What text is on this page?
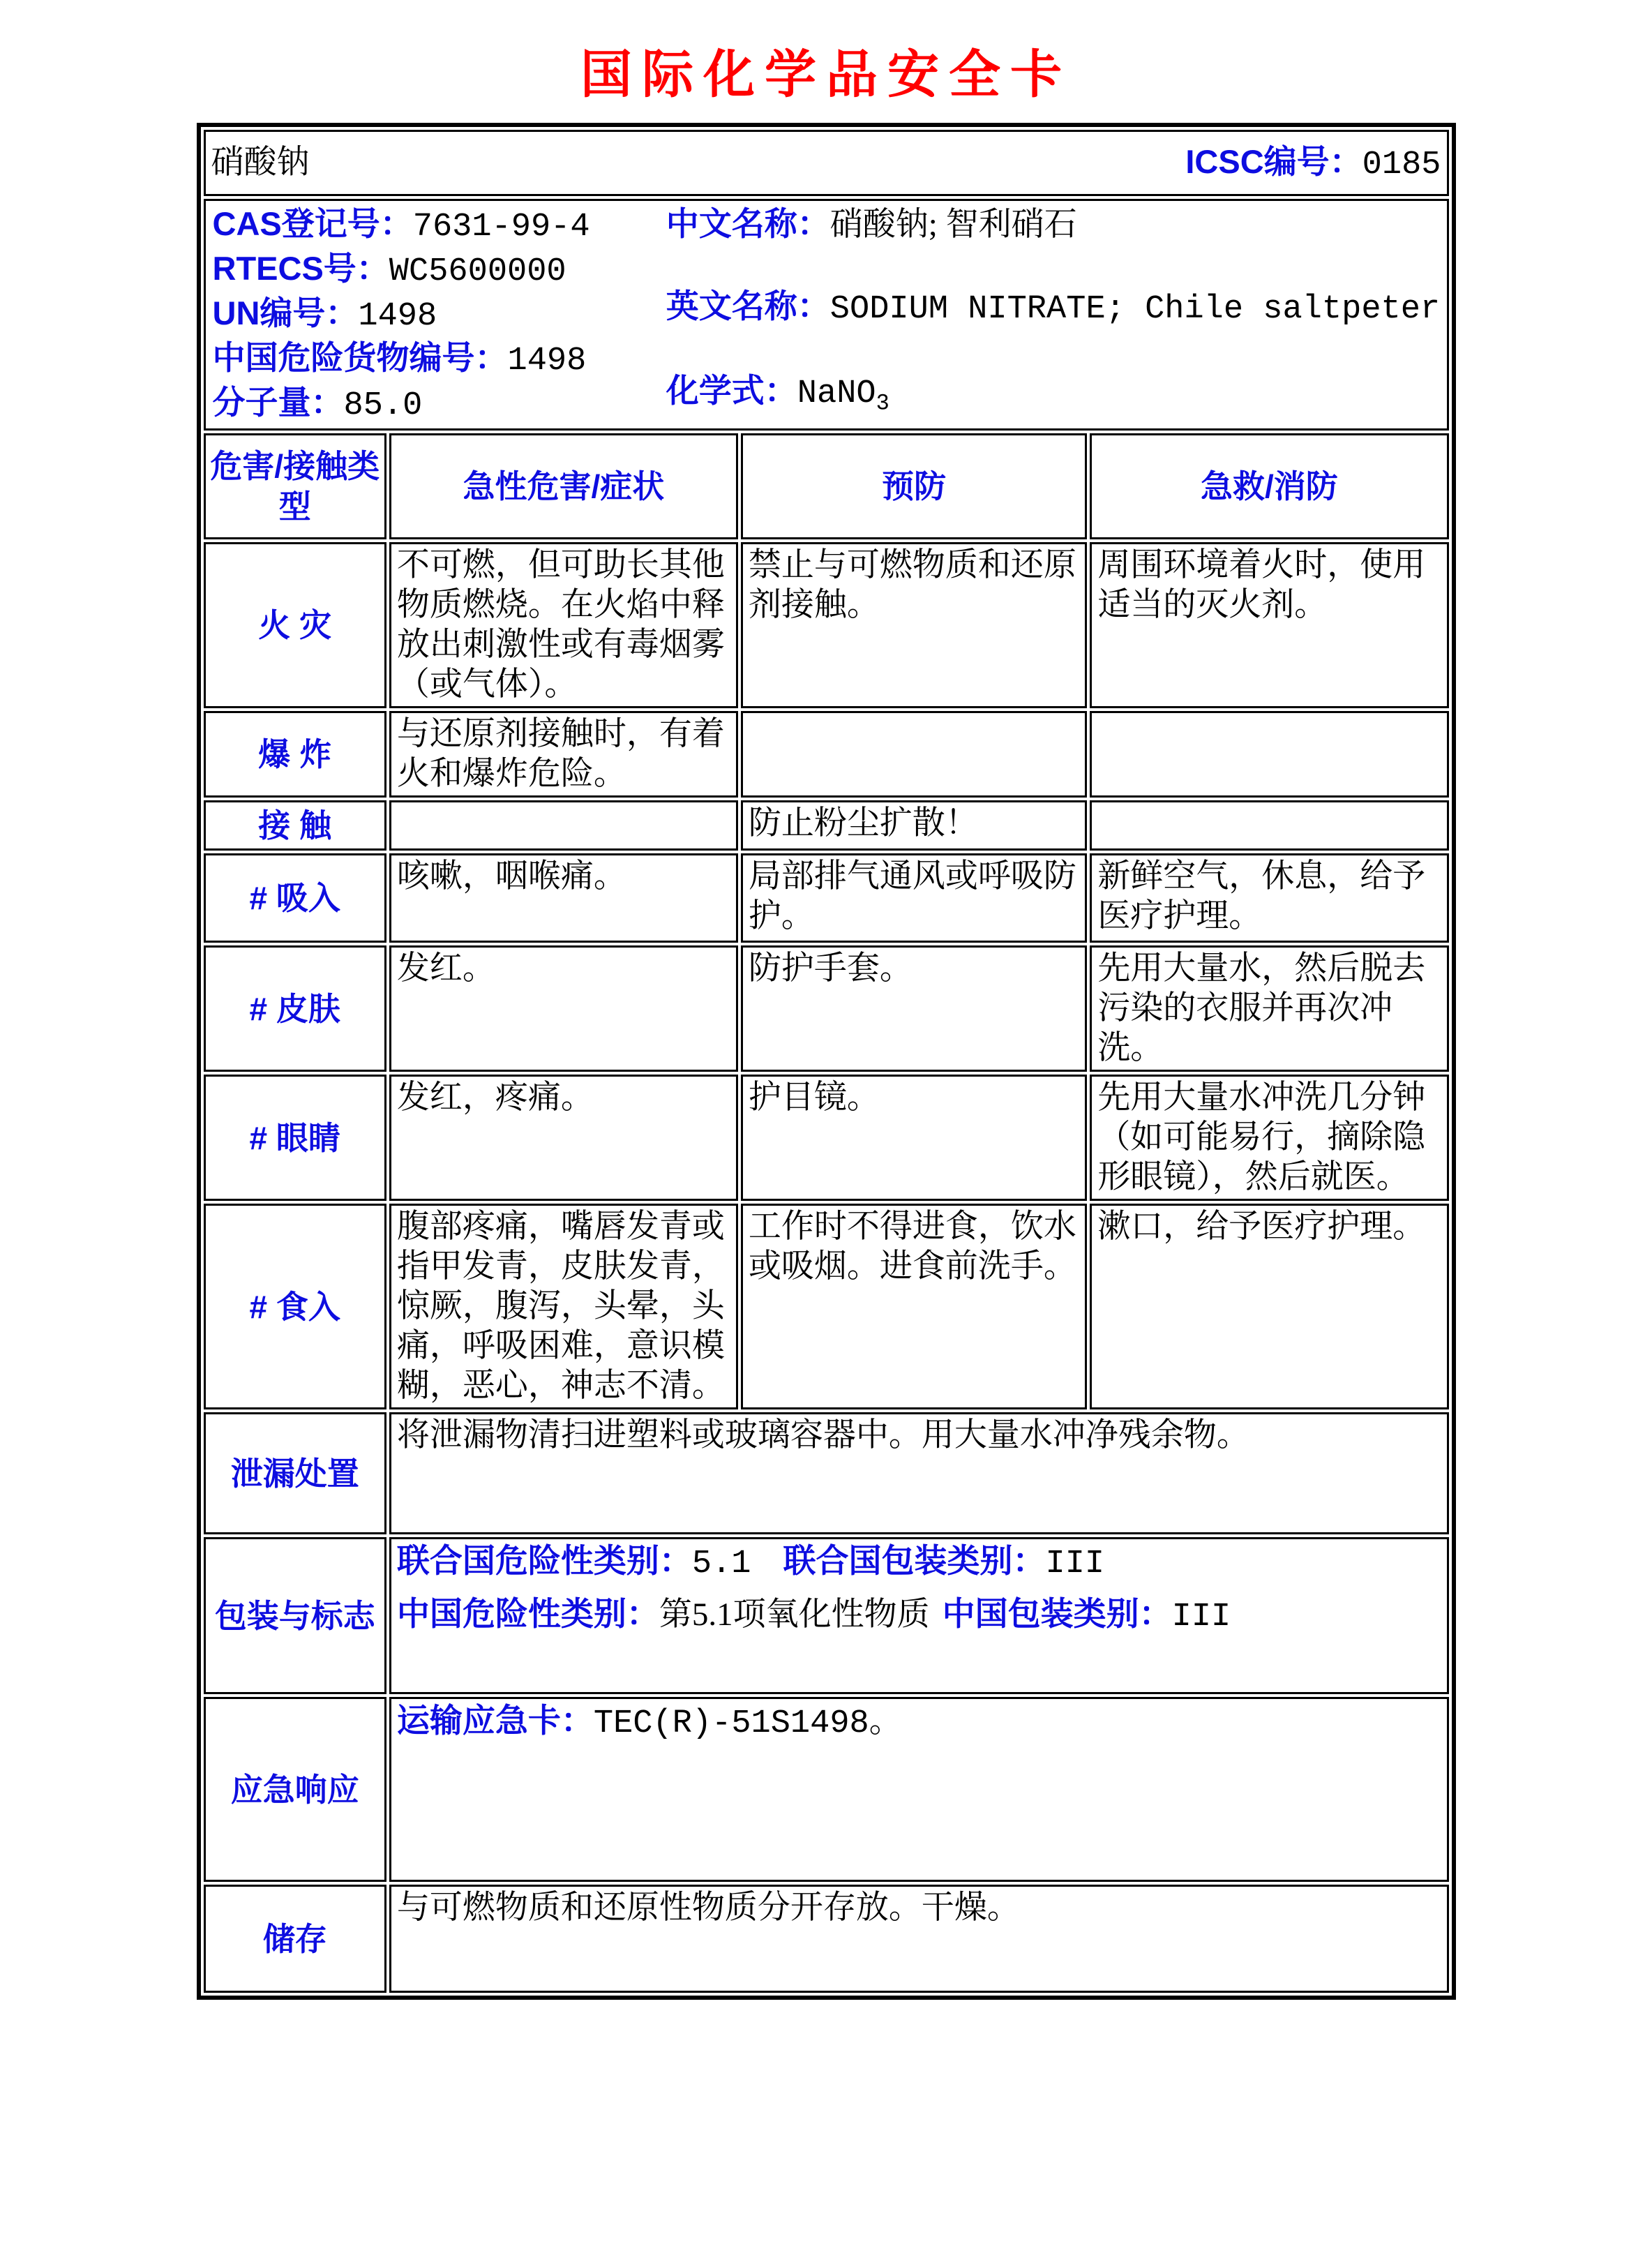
国际化学品安全卡
硝酸钠 ICSC编号：0185			

CAS登记号：7631-99-4
RTECS号：WC5600000
UN编号：1498
中国危险货物编号：1498
分子量：85.0
中文名称：硝酸钠; 智利硝石
英文名称：SODIUM NITRATE; Chile saltpeter
化学式：NaNO$_3$

危害/接触类型	急性危害/症状	预防	急救/消防
火 灾	不可燃，但可助长其他物质燃烧。在火焰中释放出刺激性或有毒烟雾（或气体）。	禁止与可燃物质和还原剂接触。	周围环境着火时，使用适当的灭火剂。
爆 炸	与还原剂接触时，有着火和爆炸危险。		
接 触		防止粉尘扩散！	
# 吸入	咳嗽，咽喉痛。	局部排气通风或呼吸防护。	新鲜空气，休息，给予医疗护理。
# 皮肤	发红。	防护手套。	先用大量水，然后脱去污染的衣服并再次冲洗。
# 眼睛	发红，疼痛。	护目镜。	先用大量水冲洗几分钟（如可能易行，摘除隐形眼镜），然后就医。
# 食入	腹部疼痛，嘴唇发青或指甲发青，皮肤发青，惊厥，腹泻，头晕，头痛，呼吸困难，意识模糊，恶心，神志不清。	工作时不得进食，饮水或吸烟。进食前洗手。	漱口，给予医疗护理。
泄漏处置	将泄漏物清扫进塑料或玻璃容器中。用大量水冲净残余物。		
包装与标志	联合国危险性类别：5.1 联合国包装类别：III
中国危险性类别：第5.1项氧化性物质 中国包装类别：III		

应急响应	运输应急卡：TEC(R)-51S1498。		
储存	与可燃物质和还原性物质分开存放。干燥。		
